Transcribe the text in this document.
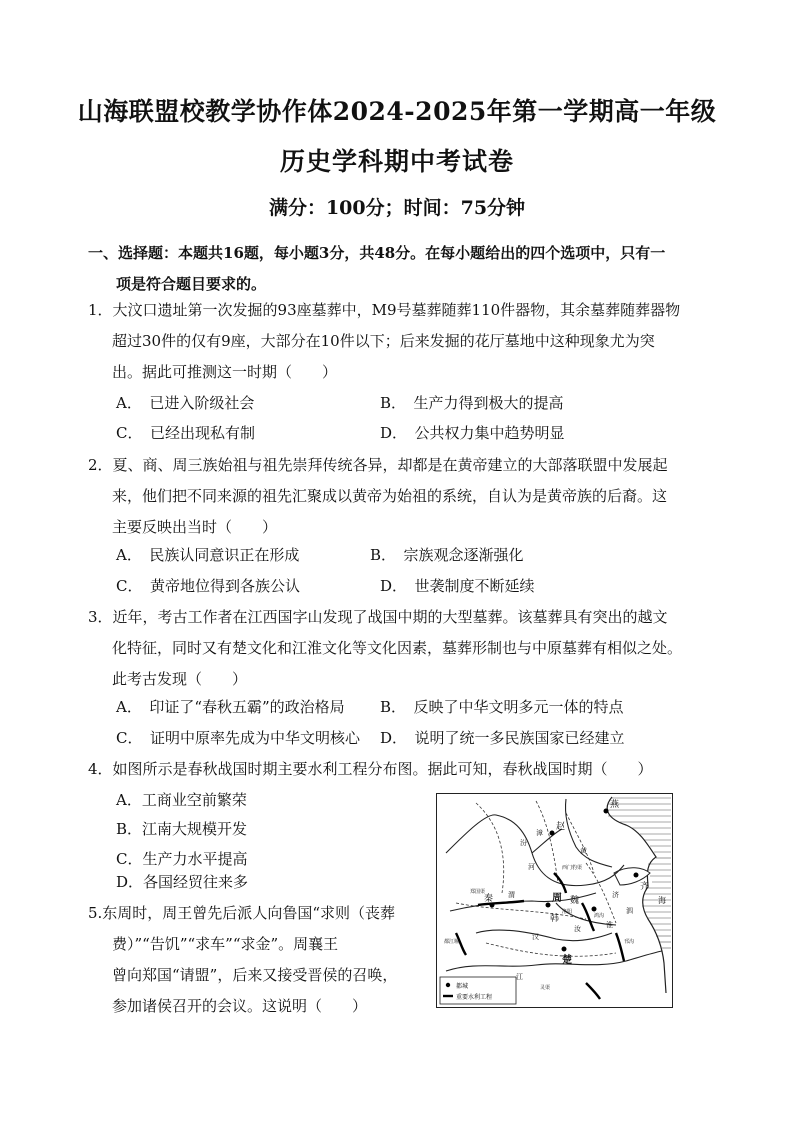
山海联盟校教学协作体2024-2025年第一学期高一年级
历史学科期中考试卷
满分：100分；时间：75分钟
一、选择题：本题共16题，每小题3分，共48分。在每小题给出的四个选项中，只有一
项是符合题目要求的。
1．大汶口遗址第一次发掘的93座墓葬中，M9号墓葬随葬110件器物，其余墓葬随葬器物
超过30件的仅有9座，大部分在10件以下；后来发掘的花厅墓地中这种现象尤为突
出。据此可推测这一时期（　　）
A．　已进入阶级社会	B．　生产力得到极大的提高
C．　已经出现私有制	D．　公共权力集中趋势明显
2．夏、商、周三族始祖与祖先崇拜传统各异，却都是在黄帝建立的大部落联盟中发展起
来，他们把不同来源的祖先汇聚成以黄帝为始祖的系统，自认为是黄帝族的后裔。这
主要反映出当时（　　）
A．　民族认同意识正在形成	B．　宗族观念逐渐强化
C．　黄帝地位得到各族公认	D．　世袭制度不断延续
3．近年，考古工作者在江西国字山发现了战国中期的大型墓葬。该墓葬具有突出的越文
化特征，同时又有楚文化和江淮文化等文化因素，墓葬形制也与中原墓葬有相似之处。
此考古发现（　　）
A．　印证了“春秋五霸”的政治格局 B．　反映了中华文明多元一体的特点
C．　证明中原率先成为中华文明核心 D．　说明了统一多民族国家已经建立
4．如图所示是春秋战国时期主要水利工程分布图。据此可知，春秋战国时期（　　）
A．工商业空前繁荣
B．江南大规模开发
C．生产力水平提高
D．各国经贸往来多
5.东周时，周王曾先后派人向鲁国“求则（丧葬
费）”“告饥”“求车”“求金”。周襄王
曾向郑国“请盟”，后来又接受晋侯的召唤，
参加诸侯召开的会议。这说明（　　）
燕
赵
齐
周 魏
韩
楚
秦
郑国渠
都江堰
灵渠
鸿沟
邗沟
西门豹渠
洛阳
渭
河
江
淮
汉
济
汾
黄
漳
汝
泗
海
都城
重要水利工程
